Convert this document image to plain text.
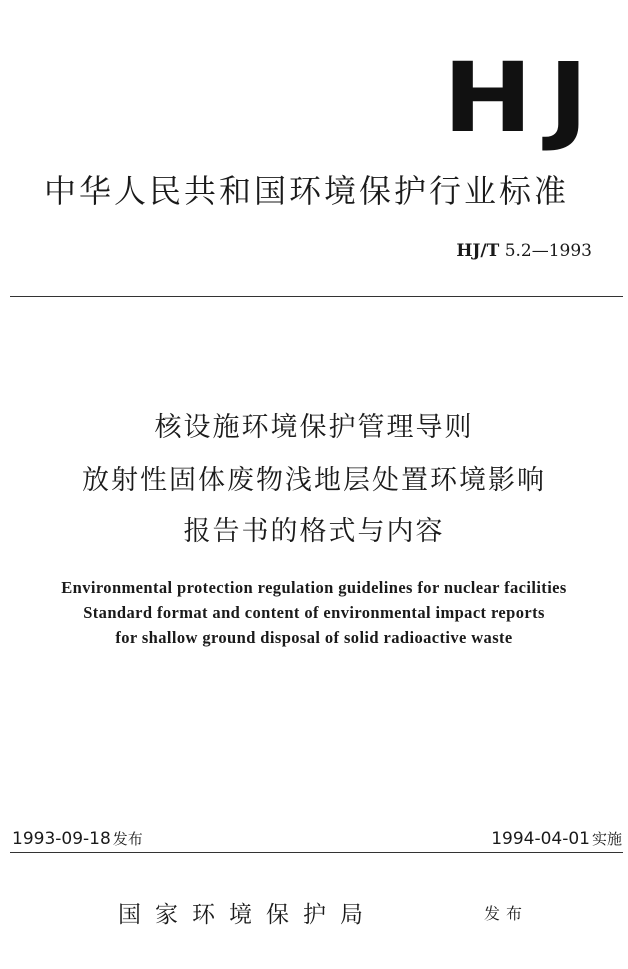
HJ
中华人民共和国环境保护行业标准
HJ/T 5.2—1993
核设施环境保护管理导则
放射性固体废物浅地层处置环境影响
报告书的格式与内容
Environmental protection regulation guidelines for nuclear facilities
Standard format and content of environmental impact reports
for shallow ground disposal of solid radioactive waste
1993-09-18 发布	1994-04-01 实施
国家环境保护局	发布
